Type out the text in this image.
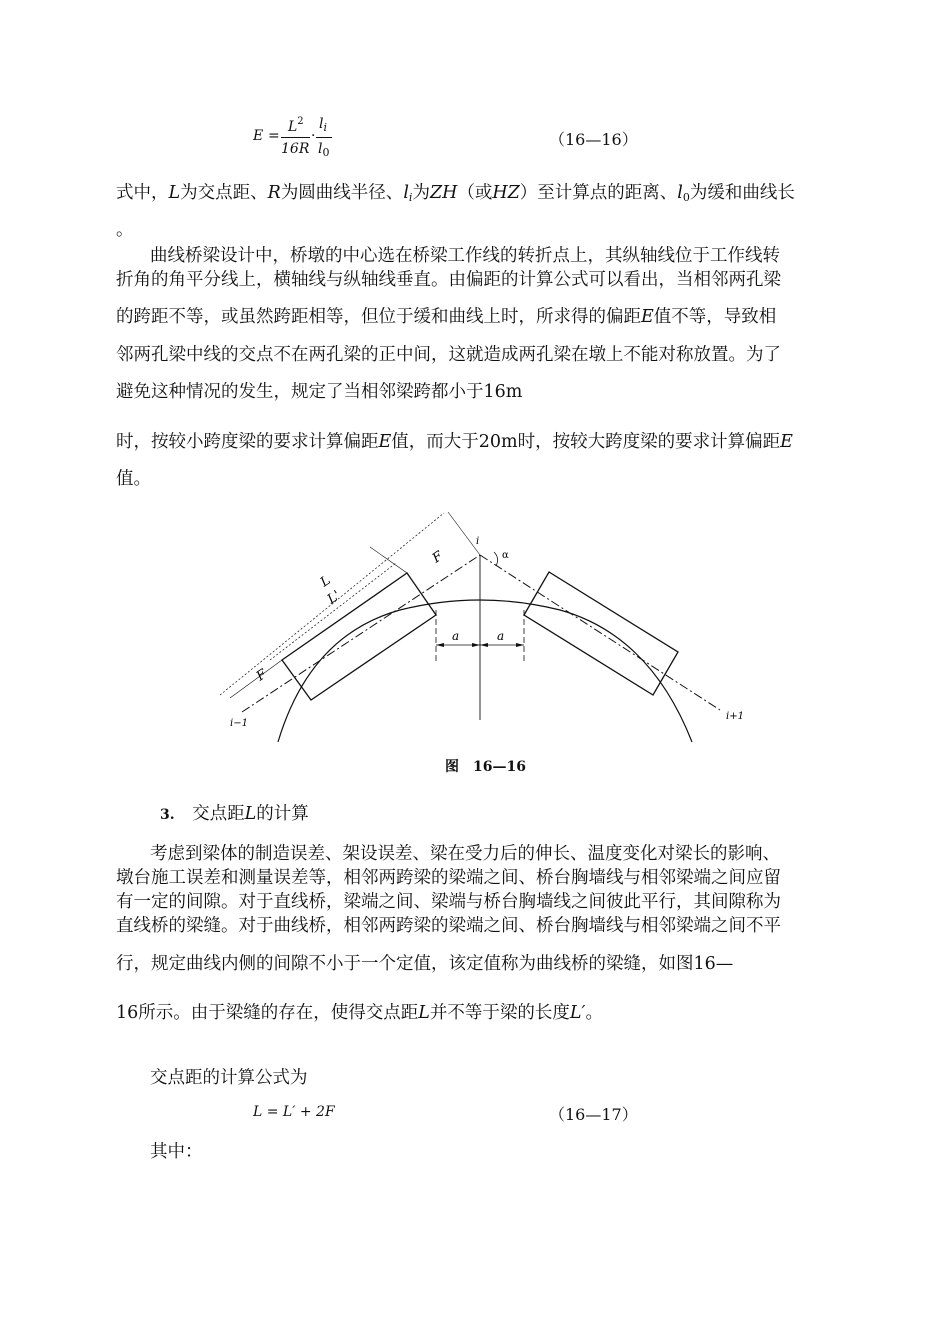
E =
$L^2$
16R
·
$l_i$
$l_0$
（16—16）
式中，L为交点距、R为圆曲线半径、$l_i$为ZH（或HZ）至计算点的距离、$l_0$为缓和曲线长
。
曲线桥梁设计中，桥墩的中心选在桥梁工作线的转折点上，其纵轴线位于工作线转
折角的角平分线上，横轴线与纵轴线垂直。由偏距的计算公式可以看出，当相邻两孔梁
的跨距不等，或虽然跨距相等，但位于缓和曲线上时，所求得的偏距E值不等，导致相
邻两孔梁中线的交点不在两孔梁的正中间，这就造成两孔梁在墩上不能对称放置。为了
避免这种情况的发生，规定了当相邻梁跨都小于16m
时，按较小跨度梁的要求计算偏距E值，而大于20m时，按较大跨度梁的要求计算偏距E
值。
L
L'
F
F
i
α
a	a
i−1
i+1
图　16—16
3.　 交点距L的计算
考虑到梁体的制造误差、架设误差、梁在受力后的伸长、温度变化对梁长的影响、
墩台施工误差和测量误差等，相邻两跨梁的梁端之间、桥台胸墙线与相邻梁端之间应留
有一定的间隙。对于直线桥，梁端之间、梁端与桥台胸墙线之间彼此平行，其间隙称为
直线桥的梁缝。对于曲线桥，相邻两跨梁的梁端之间、桥台胸墙线与相邻梁端之间不平
行，规定曲线内侧的间隙不小于一个定值，该定值称为曲线桥的梁缝，如图16—
16所示。由于梁缝的存在，使得交点距L并不等于梁的长度L′。
交点距的计算公式为
L = L′ + 2F	（16—17）
其中：
